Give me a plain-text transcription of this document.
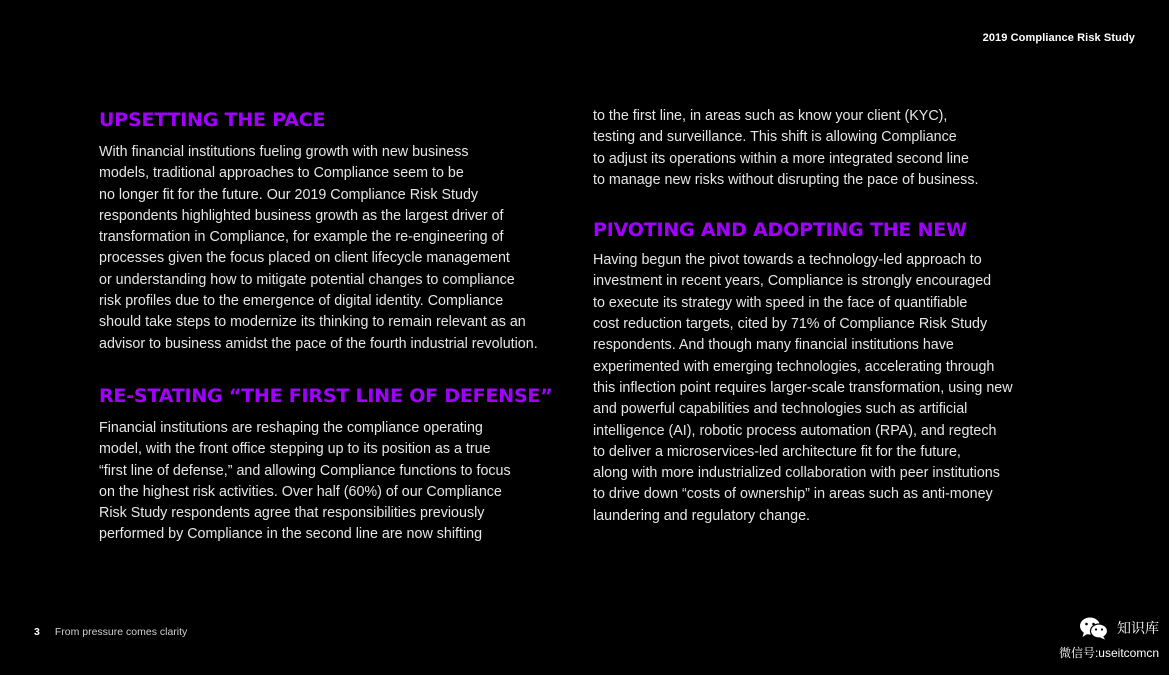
2019 Compliance Risk Study
UPSETTING THE PACE

With financial institutions fueling growth with new business
models, traditional approaches to Compliance seem to be
no longer fit for the future. Our 2019 Compliance Risk Study
respondents highlighted business growth as the largest driver of
transformation in Compliance, for example the re-engineering of
processes given the focus placed on client lifecycle management
or understanding how to mitigate potential changes to compliance
risk profiles due to the emergence of digital identity. Compliance
should take steps to modernize its thinking to remain relevant as an
advisor to business amidst the pace of the fourth industrial revolution.

RE-STATING “THE FIRST LINE OF DEFENSE”

Financial institutions are reshaping the compliance operating
model, with the front office stepping up to its position as a true
“first line of defense,” and allowing Compliance functions to focus
on the highest risk activities. Over half (60%) of our Compliance
Risk Study respondents agree that responsibilities previously
performed by Compliance in the second line are now shifting

to the first line, in areas such as know your client (KYC),
testing and surveillance. This shift is allowing Compliance
to adjust its operations within a more integrated second line
to manage new risks without disrupting the pace of business.

PIVOTING AND ADOPTING THE NEW

Having begun the pivot towards a technology-led approach to
investment in recent years, Compliance is strongly encouraged
to execute its strategy with speed in the face of quantifiable
cost reduction targets, cited by 71% of Compliance Risk Study
respondents. And though many financial institutions have
experimented with emerging technologies, accelerating through
this inflection point requires larger-scale transformation, using new
and powerful capabilities and technologies such as artificial
intelligence (AI), robotic process automation (RPA), and regtech
to deliver a microservices-led architecture fit for the future,
along with more industrialized collaboration with peer institutions
to drive down “costs of ownership” in areas such as anti-money
laundering and regulatory change.

3 From pressure comes clarity	知识库
微信号:useitcomcn
